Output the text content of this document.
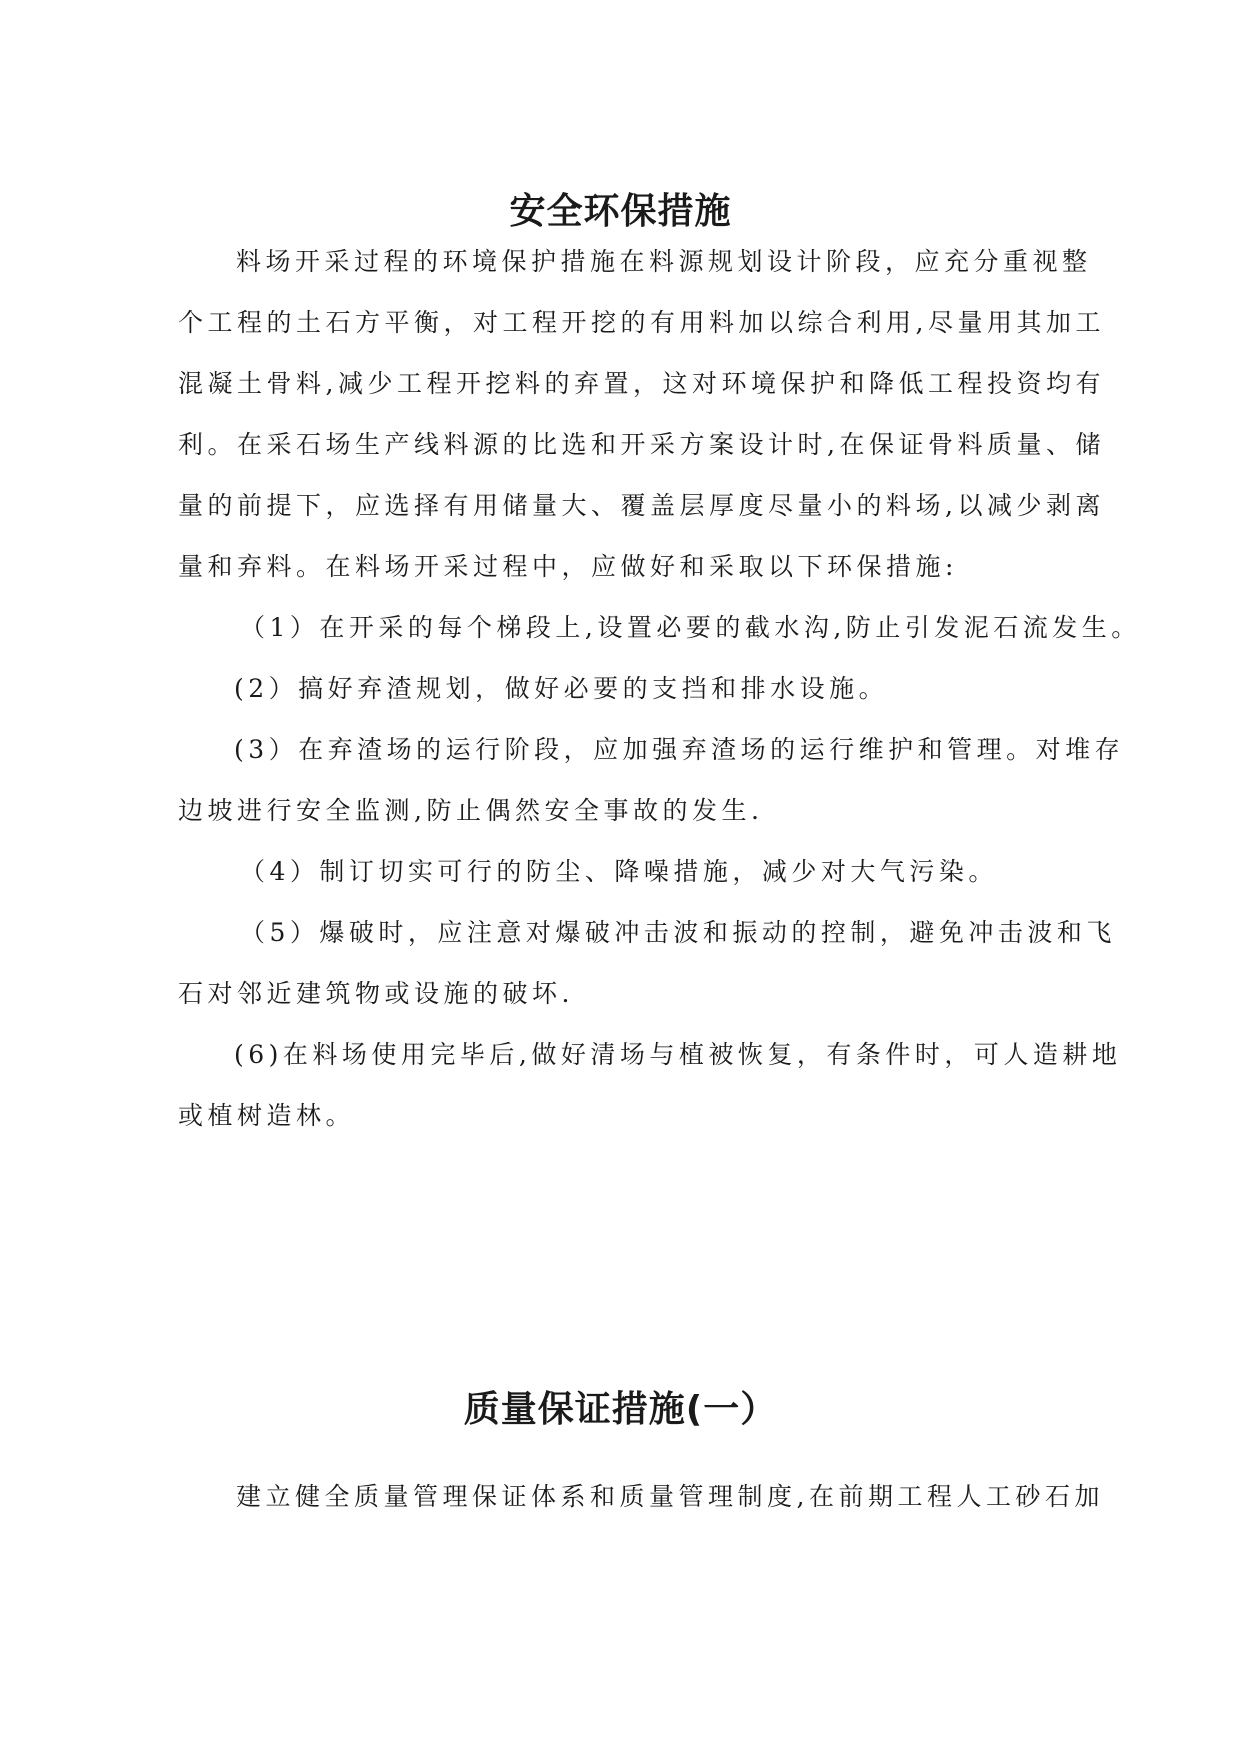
安全环保措施

料场开采过程的环境保护措施在料源规划设计阶段，应充分重视整

个工程的土石方平衡，对工程开挖的有用料加以综合利用,尽量用其加工

混凝土骨料,减少工程开挖料的弃置，这对环境保护和降低工程投资均有

利。在采石场生产线料源的比选和开采方案设计时,在保证骨料质量、储

量的前提下，应选择有用储量大、覆盖层厚度尽量小的料场,以减少剥离

量和弃料。在料场开采过程中，应做好和采取以下环保措施:

（1）在开采的每个梯段上,设置必要的截水沟,防止引发泥石流发生。

(2）搞好弃渣规划，做好必要的支挡和排水设施。

(3）在弃渣场的运行阶段，应加强弃渣场的运行维护和管理。对堆存

边坡进行安全监测,防止偶然安全事故的发生.

（4）制订切实可行的防尘、降噪措施，减少对大气污染。

（5）爆破时，应注意对爆破冲击波和振动的控制，避免冲击波和飞

石对邻近建筑物或设施的破坏.

(6)在料场使用完毕后,做好清场与植被恢复，有条件时，可人造耕地

或植树造林。

质量保证措施(一）

建立健全质量管理保证体系和质量管理制度,在前期工程人工砂石加
